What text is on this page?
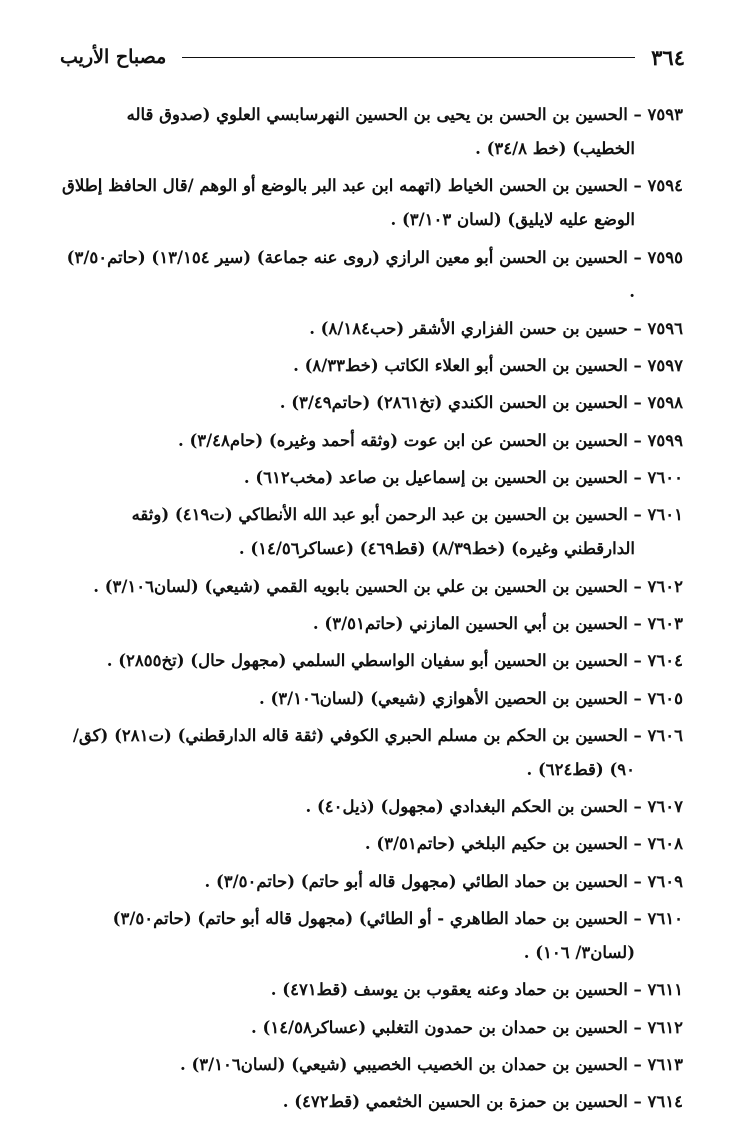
٣٦٤
مصباح الأريب

٧٥٩٣ – الحسين بن الحسن بن يحيى بن الحسين النهرسابسي العلوي (صدوق قاله الخطيب) (خط ٣٤/٨) .

٧٥٩٤ – الحسين بن الحسن الخياط (اتهمه ابن عبد البر بالوضع أو الوهم /قال الحافظ إطلاق الوضع عليه لايليق) (لسان ٣/١٠٣) .

٧٥٩٥ – الحسين بن الحسن أبو معين الرازي (روى عنه جماعة) (سير ١٣/١٥٤) (حاتم٣/٥٠) .

٧٥٩٦ – حسين بن حسن الفزاري الأشقر (حب٨/١٨٤) .

٧٥٩٧ – الحسين بن الحسن أبو العلاء الكاتب (خط٨/٣٣) .

٧٥٩٨ – الحسين بن الحسن الكندي (تخ٢٨٦١) (حاتم٣/٤٩) .

٧٥٩٩ – الحسين بن الحسن عن ابن عوت (وثقه أحمد وغيره) (حام٣/٤٨) .

٧٦٠٠ – الحسين بن الحسين بن إسماعيل بن صاعد (مخب٦١٢) .

٧٦٠١ – الحسين بن الحسين بن عبد الرحمن أبو عبد الله الأنطاكي (ت٤١٩) (وثقه الدارقطني وغيره) (خط٨/٣٩) (قط٤٦٩) (عساكر١٤/٥٦) .

٧٦٠٢ – الحسين بن الحسين بن علي بن الحسين بابويه القمي (شيعي) (لسان٣/١٠٦) .

٧٦٠٣ – الحسين بن أبي الحسين المازني (حاتم٣/٥١) .

٧٦٠٤ – الحسين بن الحسين أبو سفيان الواسطي السلمي (مجهول حال) (تخ٢٨٥٥) .

٧٦٠٥ – الحسين بن الحصين الأهوازي (شيعي) (لسان٣/١٠٦) .

٧٦٠٦ – الحسين بن الحكم بن مسلم الحبري الكوفي (ثقة قاله الدارقطني) (ت٢٨١) (كق/٩٠) (قط٦٢٤) .

٧٦٠٧ – الحسن بن الحكم البغدادي (مجهول) (ذيل٤٠) .

٧٦٠٨ – الحسين بن حكيم البلخي (حاتم٣/٥١) .

٧٦٠٩ – الحسين بن حماد الطائي (مجهول قاله أبو حاتم) (حاتم٣/٥٠) .

٧٦١٠ – الحسين بن حماد الطاهري - أو الطائي) (مجهول قاله أبو حاتم) (حاتم٣/٥٠) (لسان٣/ ١٠٦) .

٧٦١١ – الحسين بن حماد وعنه يعقوب بن يوسف (قط٤٧١) .

٧٦١٢ – الحسين بن حمدان بن حمدون التغلبي (عساكر١٤/٥٨) .

٧٦١٣ – الحسين بن حمدان بن الخصيب الخصيبي (شيعي) (لسان٣/١٠٦) .

٧٦١٤ – الحسين بن حمزة بن الحسين الخثعمي (قط٤٧٢) .
